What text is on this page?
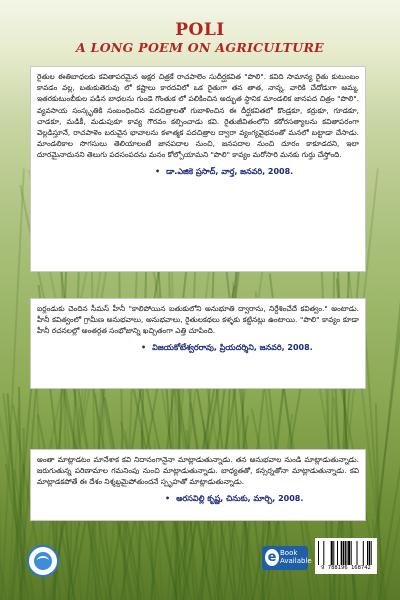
POLI
A LONG POEM ON AGRICULTURE

రైతుల ఈతిబాధలకు కవితాపరమైన అక్షర చిత్రకే రాచపాలెం సుదీర్ఘకవిత "పొలి". కవిది సామాన్య రైతు కుటుంబం కావడం వల్ల, బతుకుతెరువు లో కష్టాలు కారదవిలో ఒక రైతుగా తన తాత, నాన్న, వారికి చేదోడుగా అమ్మ, ఇతరకుటుంబీకుల పడిన బాధలను గుండె గొంతుక లో పలికించిన అద్భుత స్థానిక మాండలిక జానపద చిత్రం "పొలి". వ్యవసాయ సంస్కృతికి సంబంధించిన పదచిత్రాలతో గుబాళించిన ఈ దీర్ఘకవితలో కొండ్రకూ, కర్రుకూ, గూడకూ, చాడకూ, మడికీ, మడుపుకూ కావ్య గౌరవం కల్పించాడు కవి. రైతుజీవితంలోని కఠోరసత్యాలను కవితాపరంగా వెల్లడిస్తూనే, రాచపాళెం బరువైన భావాలను కళాత్మక పదచిత్రాల ద్వారా వ్యంగ్యవైభవంతో మనలో బట్టాడా చేసాడు. మాండలికాల సొగసులు తెలియాలంటే జానపదాల నుంచి, జనపదాల నుంచి దూరం కాకూడదని, ఇలా దూరమైనాదునని తెలుగు పదసంపదను మనం కోల్పోయామని "పొలి" కావ్యం మరోసారి మనకు గుర్తు చేస్తోంది.

• డా.ఎజికె ప్రసాద్, వార్త, జనవరి, 2008.

ఐర్లండుకు చెందిన సీమస్ హీనీ "కాలిపోయిన బతుకులోని అనుభూతి ద్వారాను, నిర్దేశించేదే కవిత్వం." అంటాడు. హీనీ కవిత్వంలో గ్రామీణ అనుభవాలు, అనుభవాలు, రైతులకథలు కళ్ళకు కట్టినట్లు ఉంటాయి. "పొలి" కావ్యం కూడా హీనీ రచనలల్లో అంతర్గత సంభోజాన్ని ఖచ్చితంగా ఎత్తి చూపింది.

• విజయకోటేశ్వరరావు, ప్రియదర్శిని, జనవరి, 2008.

అంతా మాట్లాడటం మానేశాక కవి నిదానంగానైనా మాట్లాడుతున్నాడు. తన అనుభవాల నుండి మాట్లాడుతున్నాడు. జరుగుతున్న పరిణామాల గమనింపు నుంచి మాట్లాడుతున్నాడు. బాధ్యతతో, కన్సర్నతోనా మాట్లాడుతున్నాడు. కవి మాట్లాడకపోతే ఈ దేశం నిశ్శబ్దమైపోతుందనే స్పృహతో మాట్లాడుతున్నాడు.

• అరసవిల్లి కృష్ణ, చినుకు, మార్చి, 2008.
e Book
Available
9 788196 168742
